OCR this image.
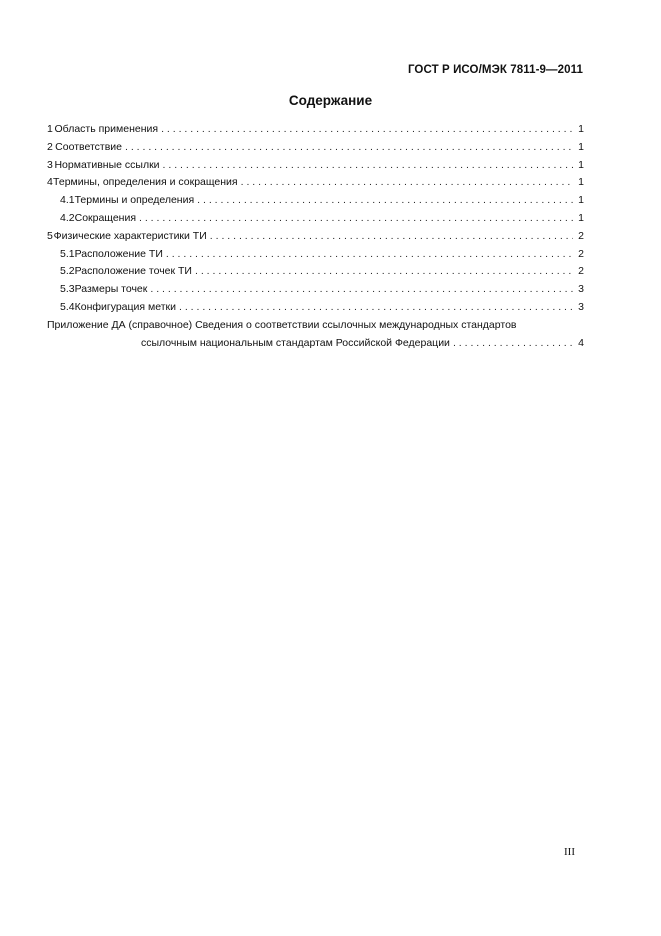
ГОСТ Р ИСО/МЭК 7811-9—2011
Содержание
1 Область применения . . .	1
2 Соответствие . . .	1
3 Нормативные ссылки . . .	1
4 Термины, определения и сокращения . . .	1
4.1 Термины и определения . . .	1
4.2 Сокращения . . .	1
5 Физические характеристики ТИ . . .	2
5.1 Расположение ТИ . . .	2
5.2 Расположение точек ТИ . . .	2
5.3 Размеры точек . . .	3
5.4 Конфигурация метки . . .	3
Приложение ДА (справочное) Сведения о соответствии ссылочных международных стандартов
ссылочным национальным стандартам Российской Федерации . . .	4
III
